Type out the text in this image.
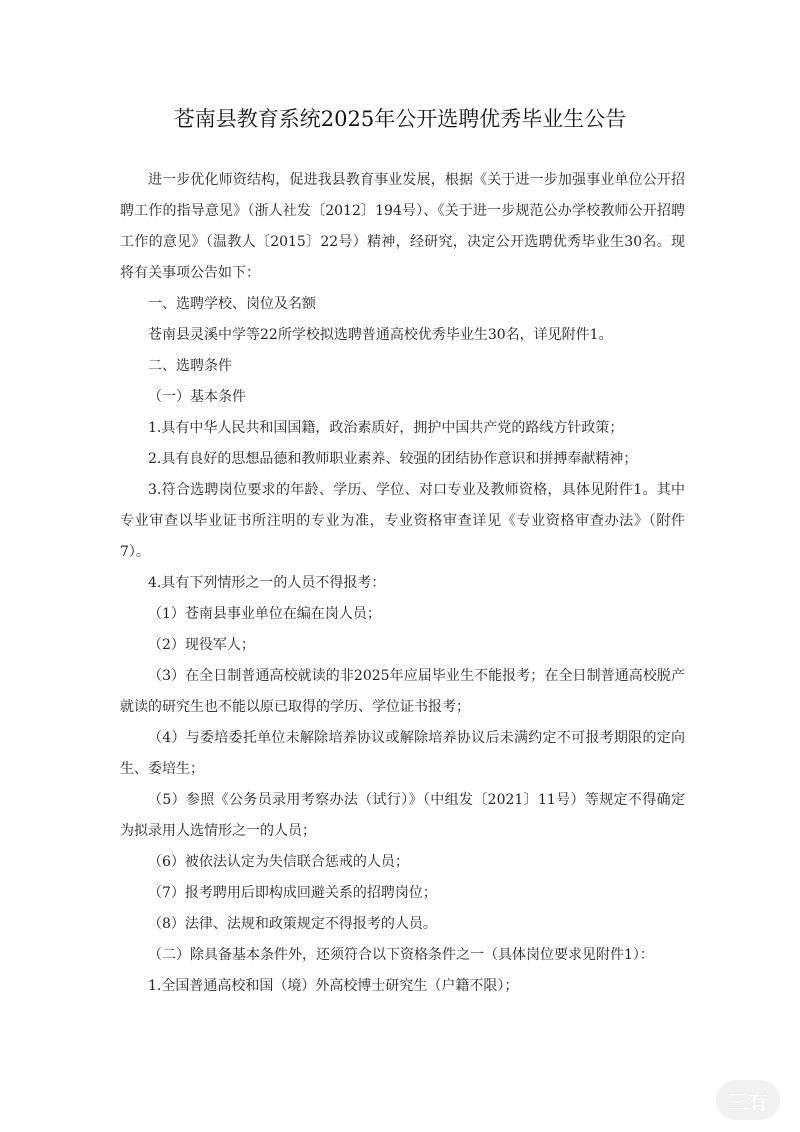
苍南县教育系统2025年公开选聘优秀毕业生公告

进一步优化师资结构，促进我县教育事业发展，根据《关于进一步加强事业单位公开招聘工作的指导意见》（浙人社发〔2012〕194号）、《关于进一步规范公办学校教师公开招聘工作的意见》（温教人〔2015〕22号）精神，经研究，决定公开选聘优秀毕业生30名。现将有关事项公告如下：

一、选聘学校、岗位及名额

苍南县灵溪中学等22所学校拟选聘普通高校优秀毕业生30名，详见附件1。

二、选聘条件

（一）基本条件

1.具有中华人民共和国国籍，政治素质好，拥护中国共产党的路线方针政策；

2.具有良好的思想品德和教师职业素养、较强的团结协作意识和拼搏奉献精神；

3.符合选聘岗位要求的年龄、学历、学位、对口专业及教师资格，具体见附件1。其中专业审查以毕业证书所注明的专业为准，专业资格审查详见《专业资格审查办法》（附件7）。

4.具有下列情形之一的人员不得报考：

（1）苍南县事业单位在编在岗人员；

（2）现役军人；

（3）在全日制普通高校就读的非2025年应届毕业生不能报考；在全日制普通高校脱产就读的研究生也不能以原已取得的学历、学位证书报考；

（4）与委培委托单位未解除培养协议或解除培养协议后未满约定不可报考期限的定向生、委培生；

（5）参照《公务员录用考察办法（试行）》（中组发〔2021〕11号）等规定不得确定为拟录用人选情形之一的人员；

（6）被依法认定为失信联合惩戒的人员；

（7）报考聘用后即构成回避关系的招聘岗位；

（8）法律、法规和政策规定不得报考的人员。

（二）除具备基本条件外，还须符合以下资格条件之一（具体岗位要求见附件1）：

1.全国普通高校和国（境）外高校博士研究生（户籍不限）；

三有
